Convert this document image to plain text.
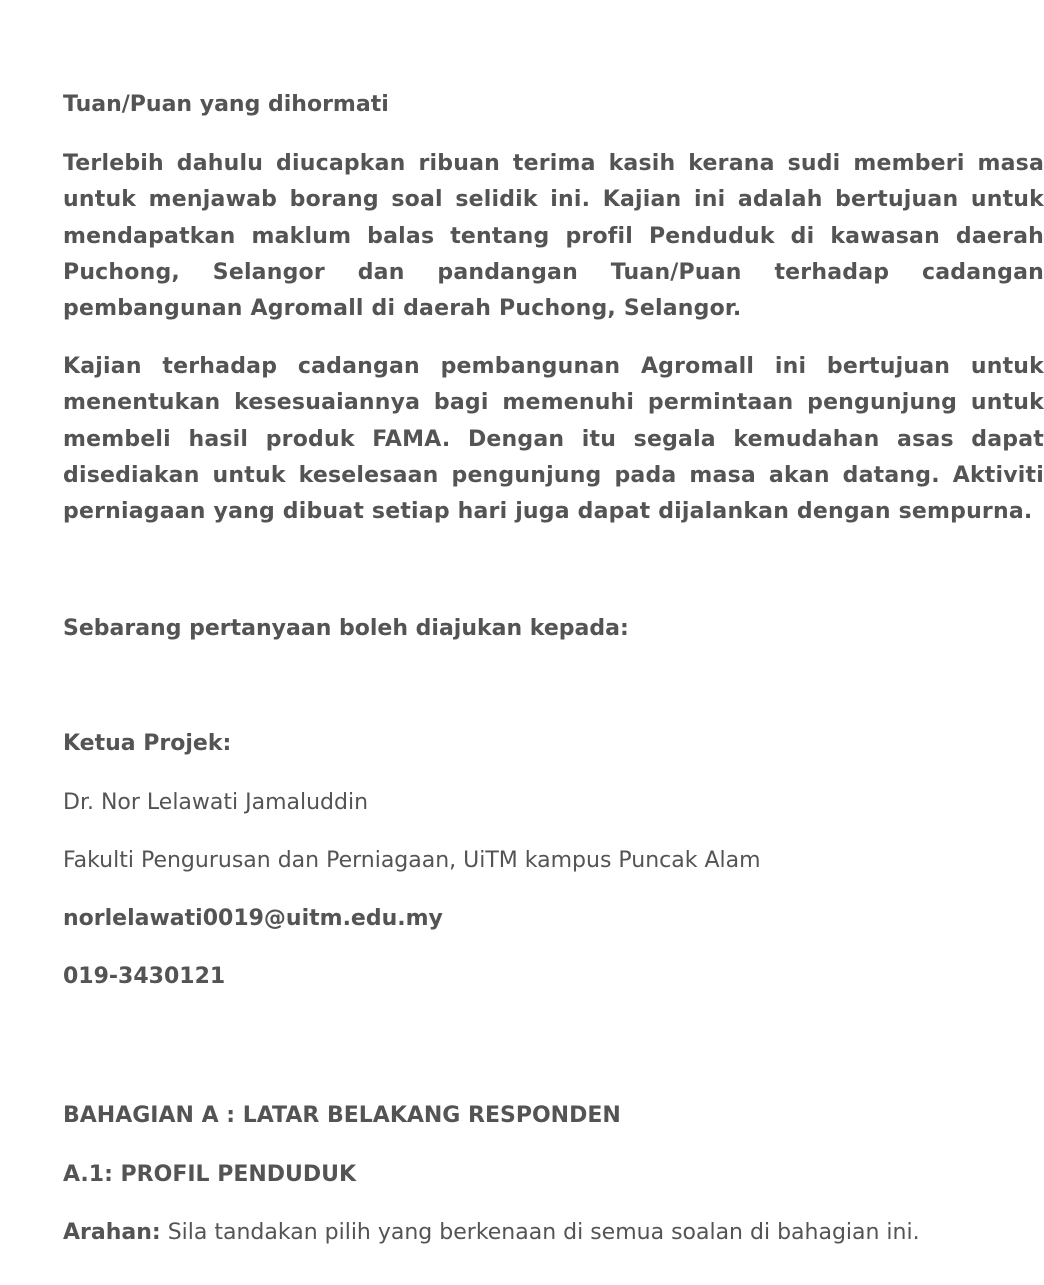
Tuan/Puan yang dihormati
Terlebih dahulu diucapkan ribuan terima kasih kerana sudi memberi masa untuk menjawab borang soal selidik ini. Kajian ini adalah bertujuan untuk mendapatkan maklum balas tentang profil Penduduk di kawasan daerah Puchong, Selangor dan pandangan Tuan/Puan terhadap cadangan pembangunan Agromall di daerah Puchong, Selangor.
Kajian terhadap cadangan pembangunan Agromall ini bertujuan untuk menentukan kesesuaiannya bagi memenuhi permintaan pengunjung untuk membeli hasil produk FAMA. Dengan itu segala kemudahan asas dapat disediakan untuk keselesaan pengunjung pada masa akan datang. Aktiviti perniagaan yang dibuat setiap hari juga dapat dijalankan dengan sempurna.
Sebarang pertanyaan boleh diajukan kepada:
Ketua Projek:
Dr. Nor Lelawati Jamaluddin
Fakulti Pengurusan dan Perniagaan, UiTM kampus Puncak Alam
norlelawati0019@uitm.edu.my
019-3430121
BAHAGIAN A : LATAR BELAKANG RESPONDEN
A.1: PROFIL PENDUDUK
Arahan: Sila tandakan pilih yang berkenaan di semua soalan di bahagian ini.
